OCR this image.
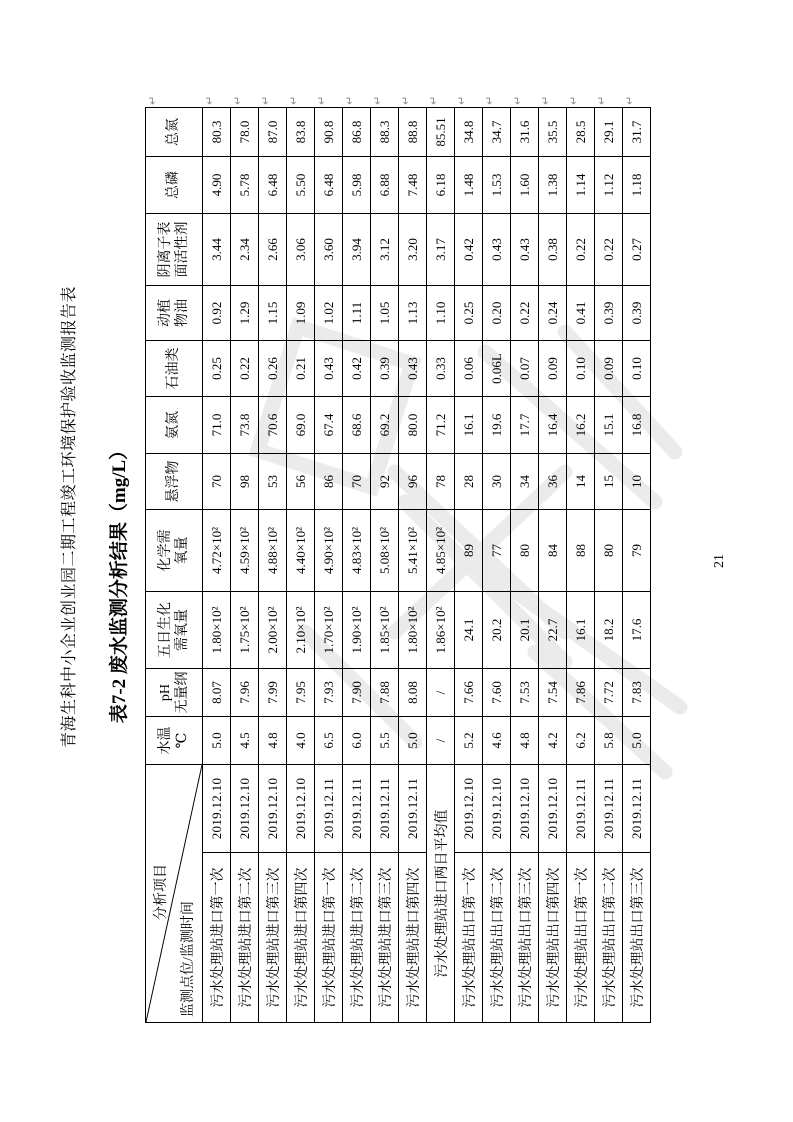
青海生科中小企业创业园二期工程竣工环境保护验收监测报告表 表7-2 废水监测分析结果（mg/L）
分析项目
监测点位/监测时间		水温 ℃	pH 无量纲	五日生化 需氧量	化学需 氧量	悬浮物	氨氮	石油类	动植 物油	阴离子表 面活性剂	总磷	总氮
污水处理站进口第一次	2019.12.10	5.0	8.07	1.80×10²	4.72×10²	70	71.0	0.25	0.92	3.44	4.90	80.3
污水处理站进口第二次	2019.12.10	4.5	7.96	1.75×10²	4.59×10²	98	73.8	0.22	1.29	2.34	5.78	78.0
污水处理站进口第三次	2019.12.10	4.8	7.99	2.00×10²	4.88×10²	53	70.6	0.26	1.15	2.66	6.48	87.0
污水处理站进口第四次	2019.12.10	4.0	7.95	2.10×10²	4.40×10²	56	69.0	0.21	1.09	3.06	5.50	83.8
污水处理站进口第一次	2019.12.11	6.5	7.93	1.70×10²	4.90×10²	86	67.4	0.43	1.02	3.60	6.48	90.8
污水处理站进口第二次	2019.12.11	6.0	7.90	1.90×10²	4.83×10²	70	68.6	0.42	1.11	3.94	5.98	86.8
污水处理站进口第三次	2019.12.11	5.5	7.88	1.85×10²	5.08×10²	92	69.2	0.39	1.05	3.12	6.88	88.3
污水处理站进口第四次	2019.12.11	5.0	8.08	1.80×10²	5.41×10²	96	80.0	0.43	1.13	3.20	7.48	88.8
污水处理站进口两日平均值		/	/	1.86×10²	4.85×10²	78	71.2	0.33	1.10	3.17	6.18	85.51
污水处理站出口第一次	2019.12.10	5.2	7.66	24.1	89	28	16.1	0.06	0.25	0.42	1.48	34.8
污水处理站出口第二次	2019.12.10	4.6	7.60	20.2	77	30	19.6	0.06L	0.20	0.43	1.53	34.7
污水处理站出口第三次	2019.12.10	4.8	7.53	20.1	80	34	17.7	0.07	0.22	0.43	1.60	31.6
污水处理站出口第四次	2019.12.10	4.2	7.54	22.7	84	36	16.4	0.09	0.24	0.38	1.38	35.5
污水处理站出口第一次	2019.12.11	6.2	7.86	16.1	88	14	16.2	0.10	0.41	0.22	1.14	28.5
污水处理站出口第二次	2019.12.11	5.8	7.72	18.2	80	15	15.1	0.09	0.39	0.22	1.12	29.1
污水处理站出口第三次	2019.12.11	5.0	7.83	17.6	79	10	16.8	0.10	0.39	0.27	1.18	31.7
↵	↵ ↵ ↵ ↵ ↵ ↵ ↵ ↵ ↵ ↵ ↵ ↵ ↵ ↵ ↵ ↵
21
